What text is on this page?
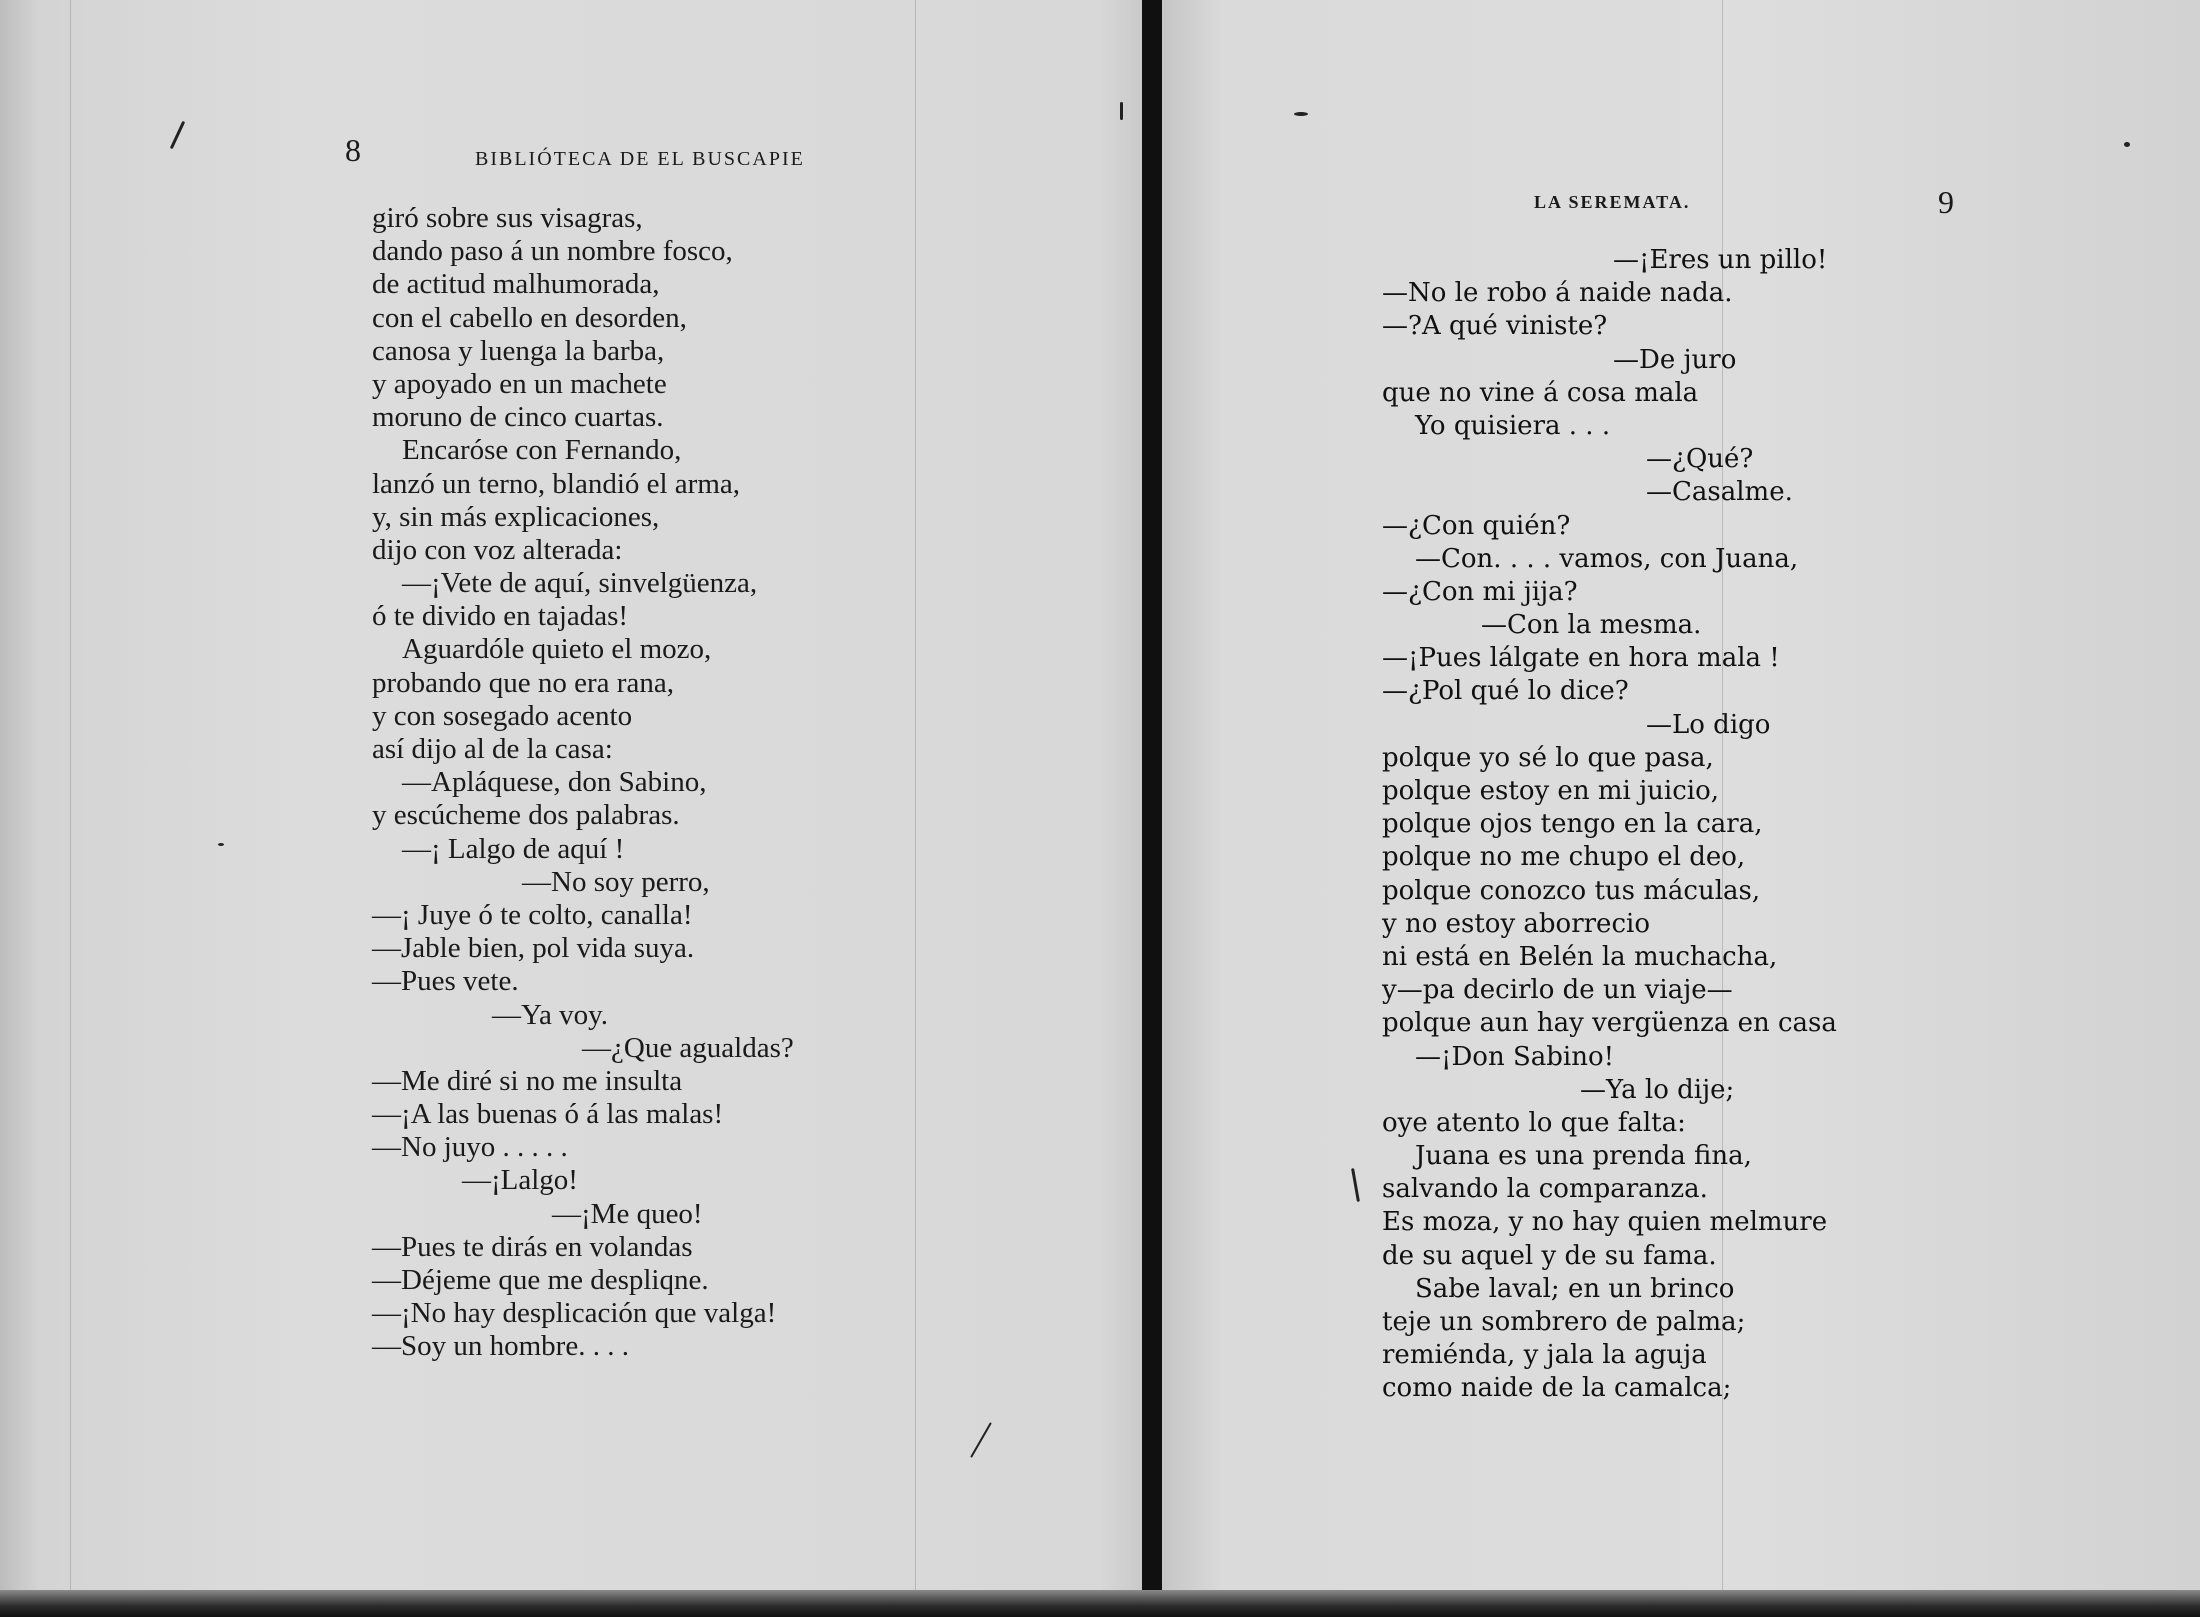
8	BIBLIÓTECA DE EL BUSCAPIE
giró sobre sus visagras,
dando paso á un nombre fosco,
de actitud malhumorada,
con el cabello en desorden,
canosa y luenga la barba,
y apoyado en un machete
moruno de cinco cuartas.
Encaróse con Fernando,
lanzó un terno, blandió el arma,
y, sin más explicaciones,
dijo con voz alterada:
—¡Vete de aquí, sinvelgüenza,
ó te divido en tajadas!
Aguardóle quieto el mozo,
probando que no era rana,
y con sosegado acento
así dijo al de la casa:
—Apláquese, don Sabino,
y escúcheme dos palabras.
—¡ Lalgo de aquí !
—No soy perro,
—¡ Juye ó te colto, canalla!
—Jable bien, pol vida suya.
—Pues vete.
—Ya voy.
—¿Que agualdas?
—Me diré si no me insulta
—¡A las buenas ó á las malas!
—No juyo . . . . .
—¡Lalgo!
—¡Me queo!
—Pues te dirás en volandas
—Déjeme que me despliqne.
—¡No hay desplicación que valga!
—Soy un hombre. . . .
LA SEREMATA.	9
—¡Eres un pillo!
—No le robo á naide nada.
—?A qué viniste?
—De juro
que no vine á cosa mala
Yo quisiera . . .
—¿Qué?
—Casalme.
—¿Con quién?
—Con. . . . vamos, con Juana,
—¿Con mi jija?
—Con la mesma.
—¡Pues lálgate en hora mala !
—¿Pol qué lo dice?
—Lo digo
polque yo sé lo que pasa,
polque estoy en mi juicio,
polque ojos tengo en la cara,
polque no me chupo el deo,
polque conozco tus máculas,
y no estoy aborrecio
ni está en Belén la muchacha,
y—pa decirlo de un viaje—
polque aun hay vergüenza en casa
—¡Don Sabino!
—Ya lo dije;
oye atento lo que falta:
Juana es una prenda fina,
salvando la comparanza.
Es moza, y no hay quien melmure
de su aquel y de su fama.
Sabe laval; en un brinco
teje un sombrero de palma;
remiénda, y jala la aguja
como naide de la camalca;
